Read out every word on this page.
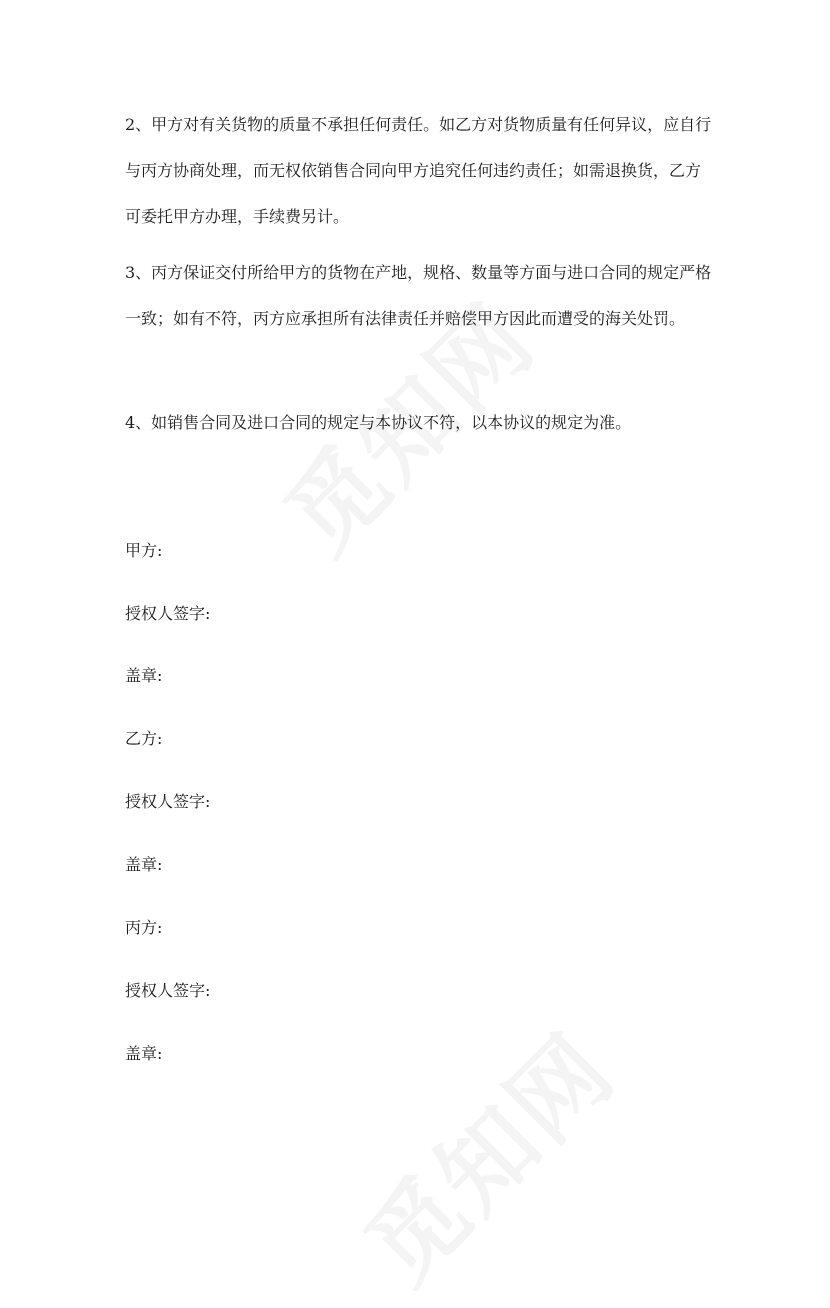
2、甲方对有关货物的质量不承担任何责任。如乙方对货物质量有任何异议，应自行与丙方协商处理，而无权依销售合同向甲方追究任何违约责任；如需退换货，乙方可委托甲方办理，手续费另计。

3、丙方保证交付所给甲方的货物在产地，规格、数量等方面与进口合同的规定严格一致；如有不符，丙方应承担所有法律责任并赔偿甲方因此而遭受的海关处罚。

4、如销售合同及进口合同的规定与本协议不符，以本协议的规定为准。

甲方:

授权人签字:

盖章:

乙方:

授权人签字:

盖章:

丙方:

授权人签字:

盖章:
